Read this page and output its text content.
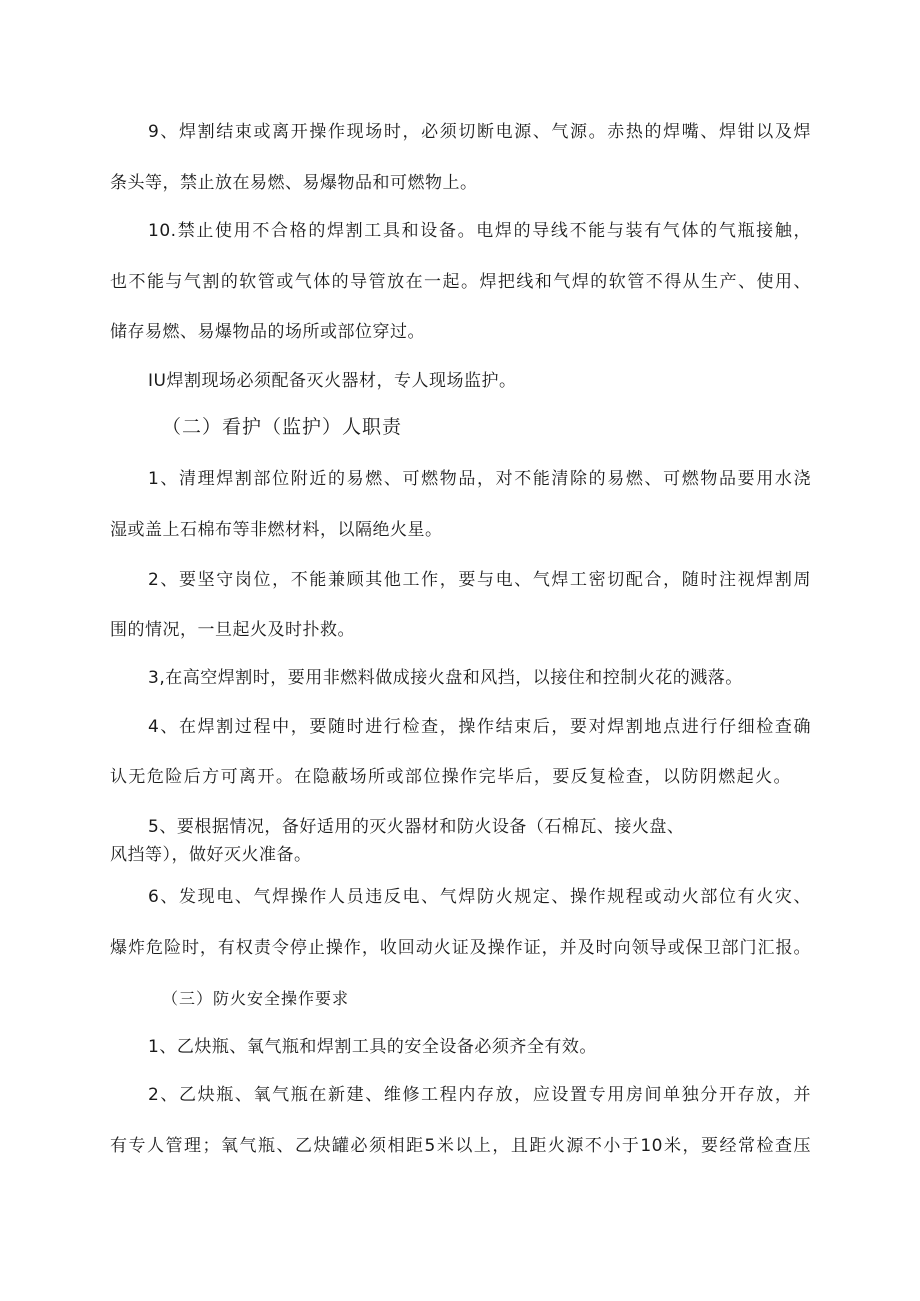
9、焊割结束或离开操作现场时，必须切断电源、气源。赤热的焊嘴、焊钳以及焊
条头等，禁止放在易燃、易爆物品和可燃物上。
10.禁止使用不合格的焊割工具和设备。电焊的导线不能与装有气体的气瓶接触，
也不能与气割的软管或气体的导管放在一起。焊把线和气焊的软管不得从生产、使用、
储存易燃、易爆物品的场所或部位穿过。
IU焊割现场必须配备灭火器材，专人现场监护。
（二）看护（监护）人职责
1、清理焊割部位附近的易燃、可燃物品，对不能清除的易燃、可燃物品要用水浇
湿或盖上石棉布等非燃材料，以隔绝火星。
2、要坚守岗位，不能兼顾其他工作，要与电、气焊工密切配合，随时注视焊割周
围的情况，一旦起火及时扑救。
3,在高空焊割时，要用非燃料做成接火盘和风挡，以接住和控制火花的溅落。
4、在焊割过程中，要随时进行检查，操作结束后，要对焊割地点进行仔细检查确
认无危险后方可离开。在隐蔽场所或部位操作完毕后，要反复检查，以防阴燃起火。
5、要根据情况，备好适用的灭火器材和防火设备（石棉瓦、接火盘、
风挡等），做好灭火准备。
6、发现电、气焊操作人员违反电、气焊防火规定、操作规程或动火部位有火灾、
爆炸危险时，有权责令停止操作，收回动火证及操作证，并及时向领导或保卫部门汇报。
（三）防火安全操作要求
1、乙炔瓶、氧气瓶和焊割工具的安全设备必须齐全有效。
2、乙炔瓶、氧气瓶在新建、维修工程内存放，应设置专用房间单独分开存放，并
有专人管理；氧气瓶、乙炔罐必须相距5米以上，且距火源不小于10米，要经常检查压
